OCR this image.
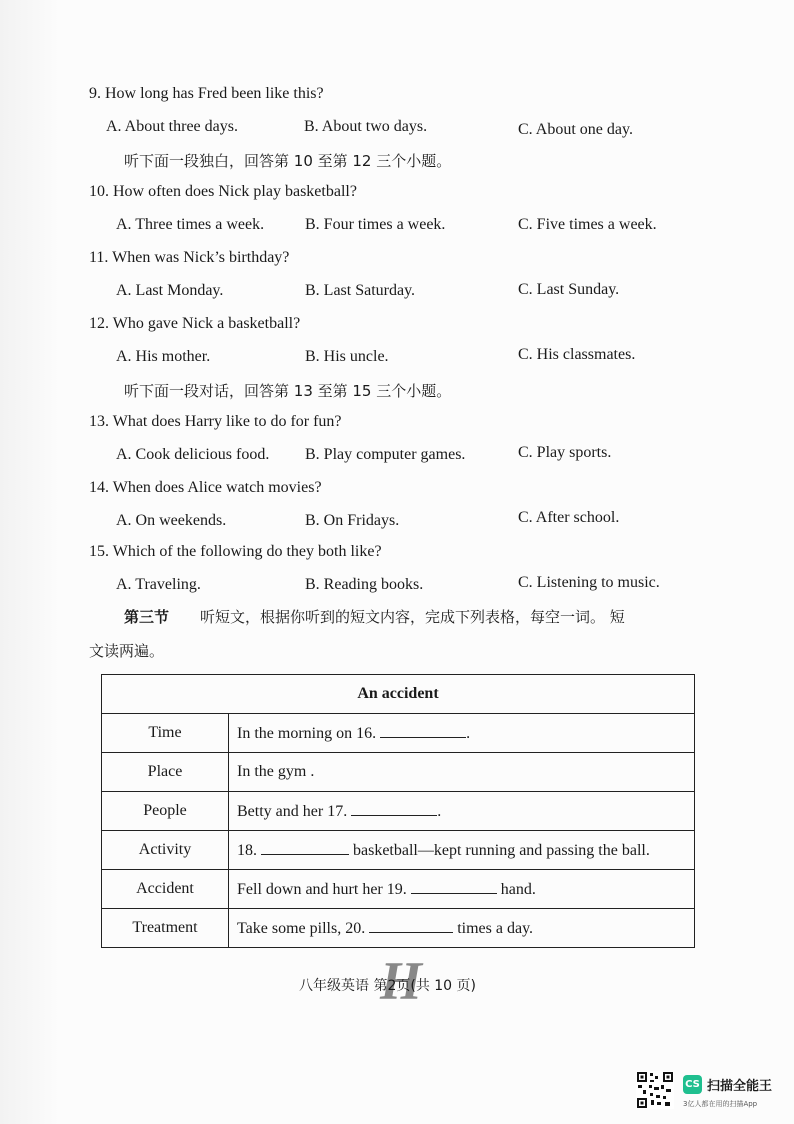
9. How long has Fred been like this?
A. About three days.	B. About two days.	C. About one day.
听下面一段独白，回答第 10 至第 12 三个小题。
10. How often does Nick play basketball?
A. Three times a week.	B. Four times a week.	C. Five times a week.
11. When was Nick’s birthday?
A. Last Monday.	B. Last Saturday.	C. Last Sunday.
12. Who gave Nick a basketball?
A. His mother.	B. His uncle.	C. His classmates.
听下面一段对话，回答第 13 至第 15 三个小题。
13. What does Harry like to do for fun?
A. Cook delicious food. B. Play computer games.	C. Play sports.
14. When does Alice watch movies?
A. On weekends.	B. On Fridays.	C. After school.
15. Which of the following do they both like?
A. Traveling.	B. Reading books.	C. Listening to music.
第三节 听短文，根据你听到的短文内容，完成下列表格，每空一词。 短
文读两遍。
An accident	
Time	In the morning on 16. .
Place	In the gym .
People	Betty and her 17. .
Activity	18. basketball—kept running and passing the ball.
Accident	Fell down and hurt her 19. hand.
Treatment	Take some pills, 20. times a day.
H
八年级英语 第2页(共 10 页)
CS 扫描全能王
3亿人都在用的扫描App
